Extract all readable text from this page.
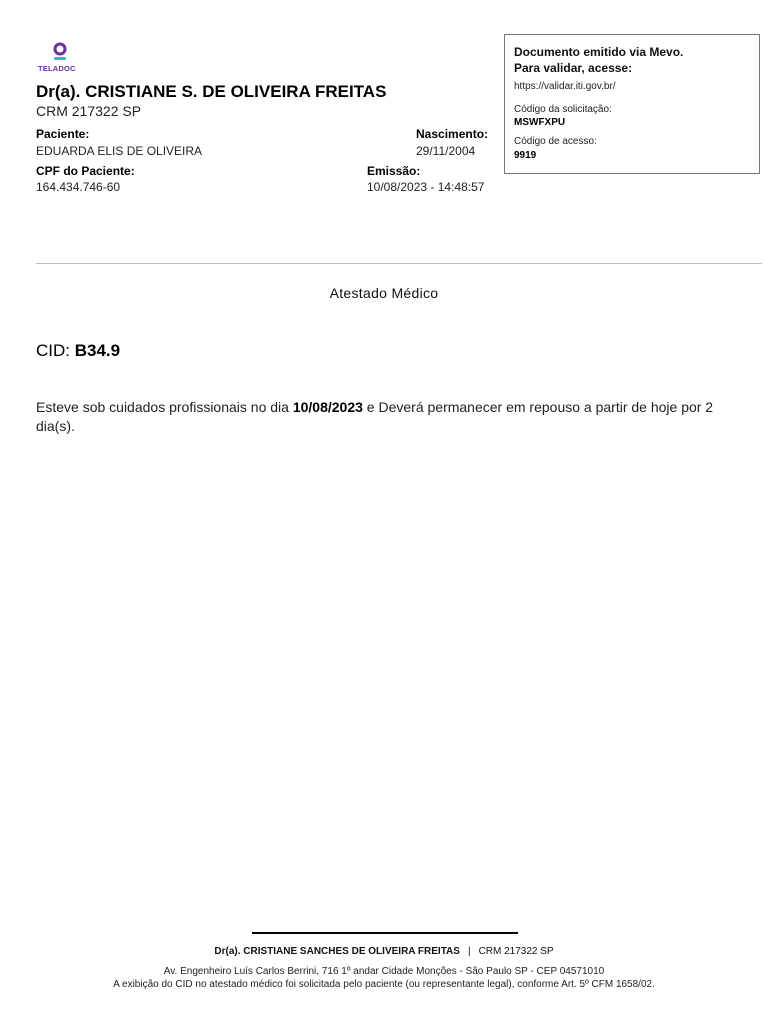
TELADOC
Dr(a). CRISTIANE S. DE OLIVEIRA FREITAS
CRM 217322 SP
Paciente:
EDUARDA ELIS DE OLIVEIRA
Nascimento:
29/11/2004
CPF do Paciente:
164.434.746-60
Emissão:
10/08/2023 - 14:48:57
Documento emitido via Mevo.
Para validar, acesse:
https://validar.iti.gov.br/
Código da solicitação:
MSWFXPU
Código de acesso:
9919
Atestado Médico
CID: B34.9
Esteve sob cuidados profissionais no dia 10/08/2023 e Deverá permanecer em repouso a partir de hoje por 2 dia(s).
Dr(a). CRISTIANE SANCHES DE OLIVEIRA FREITAS | CRM 217322 SP
Av. Engenheiro Luís Carlos Berrini, 716 1º andar Cidade Monções - São Paulo SP - CEP 04571010
A exibição do CID no atestado médico foi solicitada pelo paciente (ou representante legal), conforme Art. 5º CFM 1658/02.
